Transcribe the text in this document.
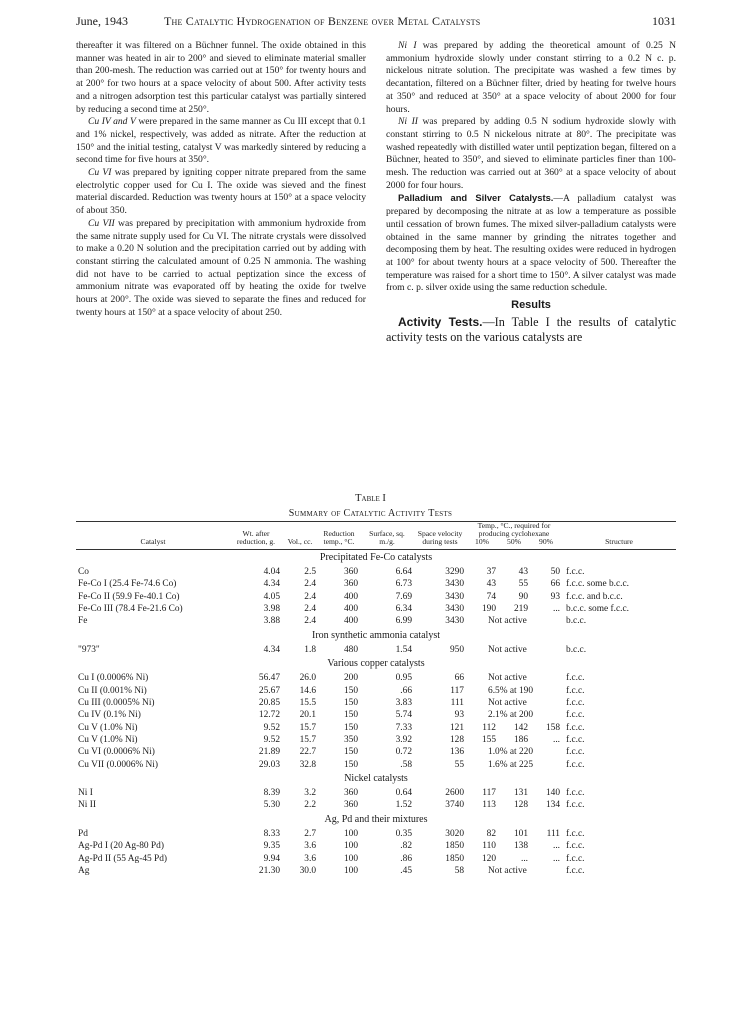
June, 1943	The Catalytic Hydrogenation of Benzene over Metal Catalysts	1031

thereafter it was filtered on a Büchner funnel. The oxide obtained in this manner was heated in air to 200° and sieved to eliminate material smaller than 200-mesh. The reduction was carried out at 150° for twenty hours and at 200° for two hours at a space velocity of about 500. After activity tests and a nitrogen adsorption test this particular catalyst was partially sintered by reducing a second time at 250°.

Cu IV and V were prepared in the same manner as Cu III except that 0.1 and 1% nickel, respectively, was added as nitrate. After the reduction at 150° and the initial testing, catalyst V was markedly sintered by reducing a second time for five hours at 350°.

Cu VI was prepared by igniting copper nitrate prepared from the same electrolytic copper used for Cu I. The oxide was sieved and the finest material discarded. Reduction was twenty hours at 150° at a space velocity of about 350.

Cu VII was prepared by precipitation with ammonium hydroxide from the same nitrate supply used for Cu VI. The nitrate crystals were dissolved to make a 0.20 N solution and the precipitation carried out by adding with constant stirring the calculated amount of 0.25 N ammonia. The washing did not have to be carried to actual peptization since the excess of ammonium nitrate was evaporated off by heating the oxide for twelve hours at 200°. The oxide was sieved to separate the fines and reduced for twenty hours at 150° at a space velocity of about 250.

Ni I was prepared by adding the theoretical amount of 0.25 N ammonium hydroxide slowly under constant stirring to a 0.2 N c. p. nickelous nitrate solution. The precipitate was washed a few times by decantation, filtered on a Büchner filter, dried by heating for twelve hours at 350° and reduced at 350° at a space velocity of about 2000 for four hours.

Ni II was prepared by adding 0.5 N sodium hydroxide slowly with constant stirring to 0.5 N nickelous nitrate at 80°. The precipitate was washed repeatedly with distilled water until peptization began, filtered on a Büchner, heated to 350°, and sieved to eliminate particles finer than 100-mesh. The reduction was carried out at 360° at a space velocity of about 2000 for four hours.

Palladium and Silver Catalysts.—A palladium catalyst was prepared by decomposing the nitrate at as low a temperature as possible until cessation of brown fumes. The mixed silver-palladium catalysts were obtained in the same manner by grinding the nitrates together and decomposing them by heat. The resulting oxides were reduced in hydrogen at 100° for about twenty hours at a space velocity of 500. Thereafter the temperature was raised for a short time to 150°. A silver catalyst was made from c. p. silver oxide using the same reduction schedule.

Results

Activity Tests.—In Table I the results of catalytic activity tests on the various catalysts are

Table I
Summary of Catalytic Activity Tests
Catalyst	Wt. after reduction, g.	Vol., cc.	Reduction temp., °C.	Surface, sq. m./g.	Space velocity during tests	Temp., °C., required for producing cyclohexane			Structure
						10%	50%	90%	
Precipitated Fe-Co catalysts									
Co	4.04	2.5	360	6.64	3290	37	43	50	f.c.c.
Fe-Co I (25.4 Fe-74.6 Co)	4.34	2.4	360	6.73	3430	43	55	66	f.c.c. some b.c.c.
Fe-Co II (59.9 Fe-40.1 Co)	4.05	2.4	400	7.69	3430	74	90	93	f.c.c. and b.c.c.
Fe-Co III (78.4 Fe-21.6 Co)	3.98	2.4	400	6.34	3430	190	219	...	b.c.c. some f.c.c.
Fe	3.88	2.4	400	6.99	3430	Not active			b.c.c.
Iron synthetic ammonia catalyst									
"973"	4.34	1.8	480	1.54	950	Not active			b.c.c.
Various copper catalysts									
Cu I (0.0006% Ni)	56.47	26.0	200	0.95	66	Not active			f.c.c.
Cu II (0.001% Ni)	25.67	14.6	150	.66	117	6.5% at 190			f.c.c.
Cu III (0.0005% Ni)	20.85	15.5	150	3.83	111	Not active			f.c.c.
Cu IV (0.1% Ni)	12.72	20.1	150	5.74	93	2.1% at 200			f.c.c.
Cu V (1.0% Ni)	9.52	15.7	150	7.33	121	112	142	158	f.c.c.
Cu V (1.0% Ni)	9.52	15.7	350	3.92	128	155	186	...	f.c.c.
Cu VI (0.0006% Ni)	21.89	22.7	150	0.72	136	1.0% at 220			f.c.c.
Cu VII (0.0006% Ni)	29.03	32.8	150	.58	55	1.6% at 225			f.c.c.
Nickel catalysts									
Ni I	8.39	3.2	360	0.64	2600	117	131	140	f.c.c.
Ni II	5.30	2.2	360	1.52	3740	113	128	134	f.c.c.
Ag, Pd and their mixtures									
Pd	8.33	2.7	100	0.35	3020	82	101	111	f.c.c.
Ag-Pd I (20 Ag-80 Pd)	9.35	3.6	100	.82	1850	110	138	...	f.c.c.
Ag-Pd II (55 Ag-45 Pd)	9.94	3.6	100	.86	1850	120	...	...	f.c.c.
Ag	21.30	30.0	100	.45	58	Not active			f.c.c.
